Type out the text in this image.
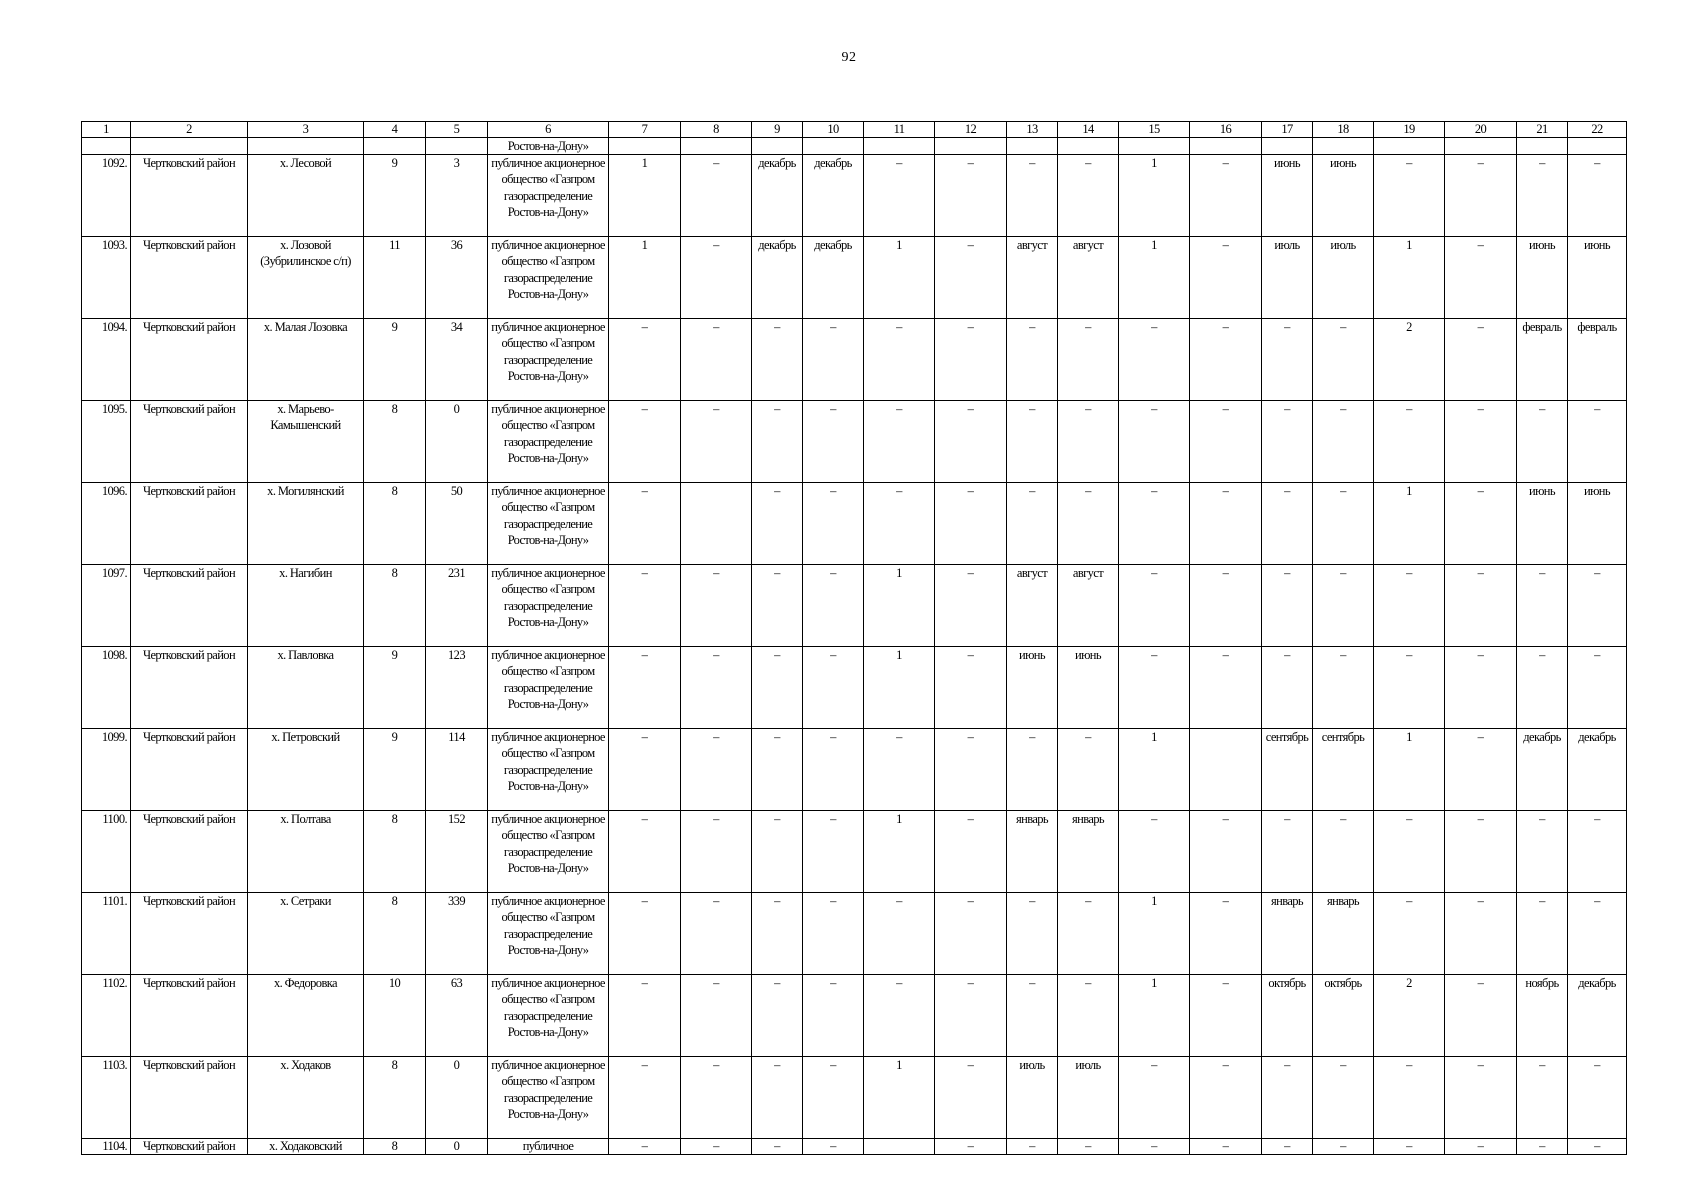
92
1	2	3	4	5	6	7	8	9	10	11	12	13	14	15	16	17	18	19	20	21	22
					Ростов-на-Дону»																
1092.	Чертковский район	х. Лесовой	9	3	публичное акционерное общество «Газпром газораспределение Ростов-на-Дону»	1	–	декабрь	декабрь	–	–	–	–	1	–	июнь	июнь	–	–	–	–
1093.	Чертковский район	х. Лозовой (Зубрилинское с/п)	11	36	публичное акционерное общество «Газпром газораспределение Ростов-на-Дону»	1	–	декабрь	декабрь	1	–	август	август	1	–	июль	июль	1	–	июнь	июнь
1094.	Чертковский район	х. Малая Лозовка	9	34	публичное акционерное общество «Газпром газораспределение Ростов-на-Дону»	–	–	–	–	–	–	–	–	–	–	–	–	2	–	февраль	февраль
1095.	Чертковский район	х. Марьево-Камышенский	8	0	публичное акционерное общество «Газпром газораспределение Ростов-на-Дону»	–	–	–	–	–	–	–	–	–	–	–	–	–	–	–	–
1096.	Чертковский район	х. Могилянский	8	50	публичное акционерное общество «Газпром газораспределение Ростов-на-Дону»	–		–	–	–	–	–	–	–	–	–	–	1	–	июнь	июнь
1097.	Чертковский район	х. Нагибин	8	231	публичное акционерное общество «Газпром газораспределение Ростов-на-Дону»	–	–	–	–	1	–	август	август	–	–	–	–	–	–	–	–
1098.	Чертковский район	х. Павловка	9	123	публичное акционерное общество «Газпром газораспределение Ростов-на-Дону»	–	–	–	–	1	–	июнь	июнь	–	–	–	–	–	–	–	–
1099.	Чертковский район	х. Петровский	9	114	публичное акционерное общество «Газпром газораспределение Ростов-на-Дону»	–	–	–	–	–	–	–	–	1		сентябрь	сентябрь	1	–	декабрь	декабрь
1100.	Чертковский район	х. Полтава	8	152	публичное акционерное общество «Газпром газораспределение Ростов-на-Дону»	–	–	–	–	1	–	январь	январь	–	–	–	–	–	–	–	–
1101.	Чертковский район	х. Сетраки	8	339	публичное акционерное общество «Газпром газораспределение Ростов-на-Дону»	–	–	–	–	–	–	–	–	1	–	январь	январь	–	–	–	–
1102.	Чертковский район	х. Федоровка	10	63	публичное акционерное общество «Газпром газораспределение Ростов-на-Дону»	–	–	–	–	–	–	–	–	1	–	октябрь	октябрь	2	–	ноябрь	декабрь
1103.	Чертковский район	х. Ходаков	8	0	публичное акционерное общество «Газпром газораспределение Ростов-на-Дону»	–	–	–	–	1	–	июль	июль	–	–	–	–	–	–	–	–
1104.	Чертковский район	х. Ходаковский	8	0	публичное	–	–	–	–		–	–	–	–	–	–	–	–	–	–	–
